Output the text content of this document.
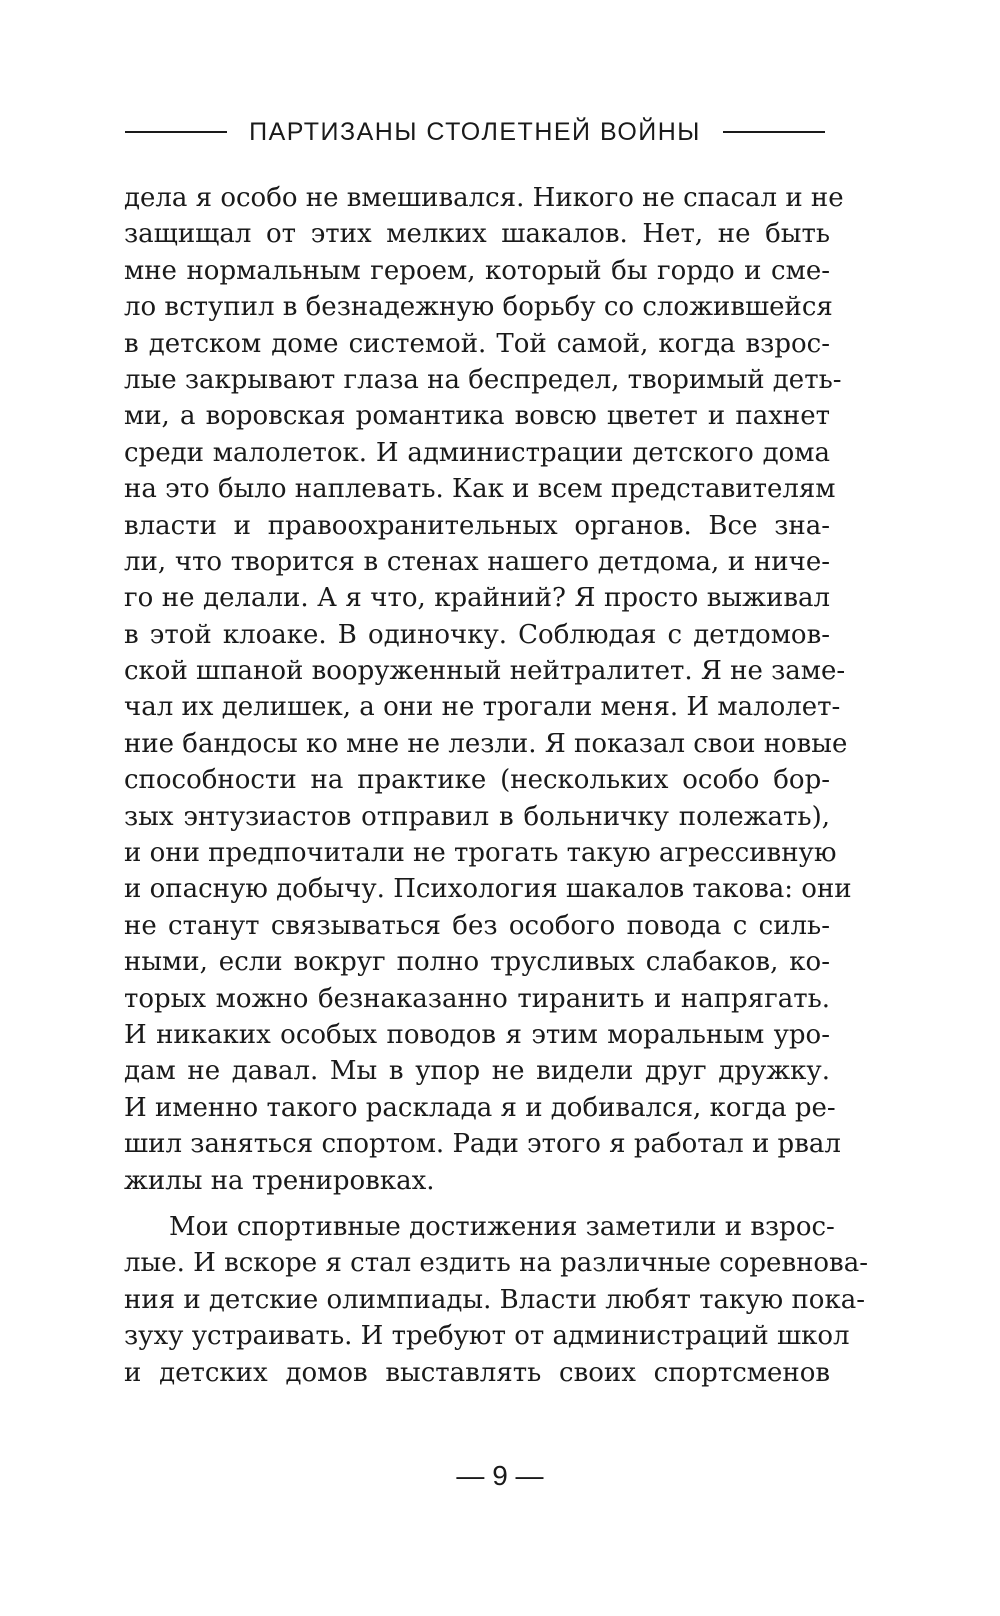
ПАРТИЗАНЫ СТОЛЕТНЕЙ ВОЙНЫ
дела я особо не вмешивался. Никого не спасал и не
защищал от этих мелких шакалов. Нет, не быть
мне нормальным героем, который бы гордо и сме-
ло вступил в безнадежную борьбу со сложившейся
в детском доме системой. Той самой, когда взрос-
лые закрывают глаза на беспредел, творимый деть-
ми, а воровская романтика вовсю цветет и пахнет
среди малолеток. И администрации детского дома
на это было наплевать. Как и всем представителям
власти и правоохранительных органов. Все зна-
ли, что творится в стенах нашего детдома, и ниче-
го не делали. А я что, крайний? Я просто выживал
в этой клоаке. В одиночку. Соблюдая с детдомов-
ской шпаной вооруженный нейтралитет. Я не заме-
чал их делишек, а они не трогали меня. И малолет-
ние бандосы ко мне не лезли. Я показал свои новые
способности на практике (нескольких особо бор-
зых энтузиастов отправил в больничку полежать),
и они предпочитали не трогать такую агрессивную
и опасную добычу. Психология шакалов такова: они
не станут связываться без особого повода с силь-
ными, если вокруг полно трусливых слабаков, ко-
торых можно безнаказанно тиранить и напрягать.
И никаких особых поводов я этим моральным уро-
дам не давал. Мы в упор не видели друг дружку.
И именно такого расклада я и добивался, когда ре-
шил заняться спортом. Ради этого я работал и рвал
жилы на тренировках.
Мои спортивные достижения заметили и взрос-
лые. И вскоре я стал ездить на различные соревнова-
ния и детские олимпиады. Власти любят такую пока-
зуху устраивать. И требуют от администраций школ
и детских домов выставлять своих спортсменов
— 9 —
